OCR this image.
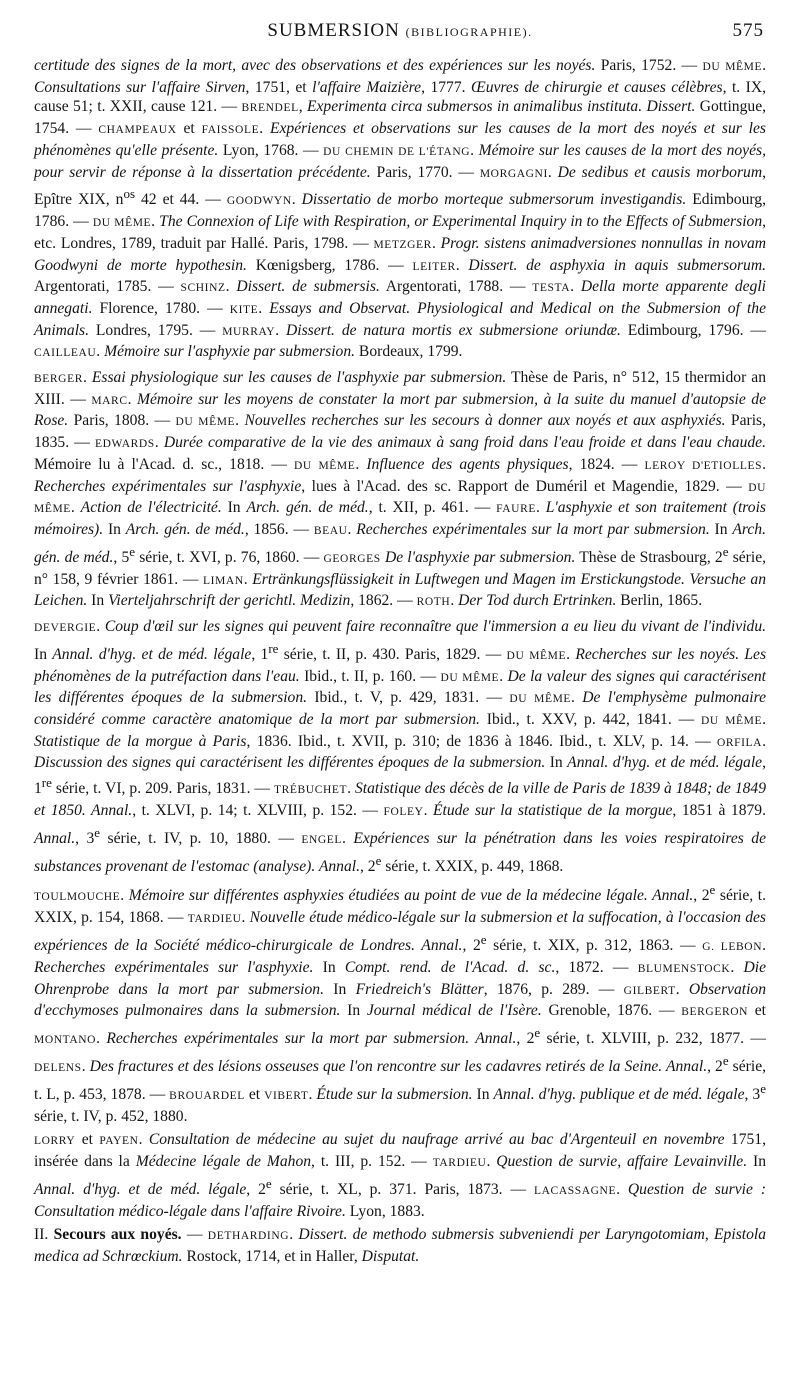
SUBMERSION (BIBLIOGRAPHIE).	575

certitude des signes de la mort, avec des observations et des expériences sur les noyés. Paris, 1752. — DU MÊME. Consultations sur l'affaire Sirven, 1751, et l'affaire Maizière, 1777. Œuvres de chirurgie et causes célèbres, t. IX, cause 51; t. XXII, cause 121. — BRENDEL, Experimenta circa submersos in animalibus instituta. Dissert. Gottingue, 1754. — CHAMPEAUX et FAISSOLE. Expériences et observations sur les causes de la mort des noyés et sur les phénomènes qu'elle présente. Lyon, 1768. — DU CHEMIN DE L'ÉTANG. Mémoire sur les causes de la mort des noyés, pour servir de réponse à la dissertation précédente. Paris, 1770. — MORGAGNI. De sedibus et causis morborum, Epître XIX, $n^{os}$ 42 et 44. — GOODWYN. Dissertatio de morbo morteque submersorum investigandis. Edimbourg, 1786. — DU MÊME. The Connexion of Life with Respiration, or Experimental Inquiry in to the Effects of Submersion, etc. Londres, 1789, traduit par Hallé. Paris, 1798. — METZGER. Progr. sistens animadversiones nonnullas in novam Goodwyni de morte hypothesin. Kœnigsberg, 1786. — LEITER. Dissert. de asphyxia in aquis submersorum. Argentorati, 1785. — SCHINZ. Dissert. de submersis. Argentorati, 1788. — TESTA. Della morte apparente degli annegati. Florence, 1780. — KITE. Essays and Observat. Physiological and Medical on the Submersion of the Animals. Londres, 1795. — MURRAY. Dissert. de natura mortis ex submersione oriundæ. Edimbourg, 1796. — CAILLEAU. Mémoire sur l'asphyxie par submersion. Bordeaux, 1799.

BERGER. Essai physiologique sur les causes de l'asphyxie par submersion. Thèse de Paris, n° 512, 15 thermidor an XIII. — MARC. Mémoire sur les moyens de constater la mort par submersion, à la suite du manuel d'autopsie de Rose. Paris, 1808. — DU MÊME. Nouvelles recherches sur les secours à donner aux noyés et aux asphyxiés. Paris, 1835. — EDWARDS. Durée comparative de la vie des animaux à sang froid dans l'eau froide et dans l'eau chaude. Mémoire lu à l'Acad. d. sc., 1818. — DU MÊME. Influence des agents physiques, 1824. — LEROY D'ETIOLLES. Recherches expérimentales sur l'asphyxie, lues à l'Acad. des sc. Rapport de Duméril et Magendie, 1829. — DU MÊME. Action de l'électricité. In Arch. gén. de méd., t. XII, p. 461. — FAURE. L'asphyxie et son traitement (trois mémoires). In Arch. gén. de méd., 1856. — BEAU. Recherches expérimentales sur la mort par submersion. In Arch. gén. de méd., 5e série, t. XVI, p. 76, 1860. — GEORGES De l'asphyxie par submersion. Thèse de Strasbourg, 2e série, n° 158, 9 février 1861. — LIMAN. Ertränkungsflüssigkeit in Luftwegen und Magen im Erstickungstode. Versuche an Leichen. In Vierteljahrschrift der gerichtl. Medizin, 1862. — ROTH. Der Tod durch Ertrinken. Berlin, 1865.

DEVERGIE. Coup d'œil sur les signes qui peuvent faire reconnaître que l'immersion a eu lieu du vivant de l'individu. In Annal. d'hyg. et de méd. légale, 1re série, t. II, p. 430. Paris, 1829. — DU MÊME. Recherches sur les noyés. Les phénomènes de la putréfaction dans l'eau. Ibid., t. II, p. 160. — DU MÊME. De la valeur des signes qui caractérisent les différentes époques de la submersion. Ibid., t. V, p. 429, 1831. — DU MÊME. De l'emphysème pulmonaire considéré comme caractère anatomique de la mort par submersion. Ibid., t. XXV, p. 442, 1841. — DU MÊME. Statistique de la morgue à Paris, 1836. Ibid., t. XVII, p. 310; de 1836 à 1846. Ibid., t. XLV, p. 14. — ORFILA. Discussion des signes qui caractérisent les différentes époques de la submersion. In Annal. d'hyg. et de méd. légale, 1re série, t. VI, p. 209. Paris, 1831. — TRÉBUCHET. Statistique des décès de la ville de Paris de 1839 à 1848; de 1849 et 1850. Annal., t. XLVI, p. 14; t. XLVIII, p. 152. — FOLEY. Étude sur la statistique de la morgue, 1851 à 1879. Annal., 3e série, t. IV, p. 10, 1880. — ENGEL. Expériences sur la pénétration dans les voies respiratoires de substances provenant de l'estomac (analyse). Annal., 2e série, t. XXIX, p. 449, 1868.

TOULMOUCHE. Mémoire sur différentes asphyxies étudiées au point de vue de la médecine légale. Annal., 2e série, t. XXIX, p. 154, 1868. — TARDIEU. Nouvelle étude médico-légale sur la submersion et la suffocation, à l'occasion des expériences de la Société médico-chirurgicale de Londres. Annal., 2e série, t. XIX, p. 312, 1863. — G. LEBON. Recherches expérimentales sur l'asphyxie. In Compt. rend. de l'Acad. d. sc., 1872. — BLUMENSTOCK. Die Ohrenprobe dans la mort par submersion. In Friedreich's Blätter, 1876, p. 289. — GILBERT. Observation d'ecchymoses pulmonaires dans la submersion. In Journal médical de l'Isère. Grenoble, 1876. — BERGERON et MONTANO. Recherches expérimentales sur la mort par submersion. Annal., 2e série, t. XLVIII, p. 232, 1877. — DELENS. Des fractures et des lésions osseuses que l'on rencontre sur les cadavres retirés de la Seine. Annal., 2e série, t. L, p. 453, 1878. — BROUARDEL et VIBERT. Étude sur la submersion. In Annal. d'hyg. publique et de méd. légale, 3e série, t. IV, p. 452, 1880.

LORRY et PAYEN. Consultation de médecine au sujet du naufrage arrivé au bac d'Argenteuil en novembre 1751, insérée dans la Médecine légale de Mahon, t. III, p. 152. — TARDIEU. Question de survie, affaire Levainville. In Annal. d'hyg. et de méd. légale, 2e série, t. XL, p. 371. Paris, 1873. — LACASSAGNE. Question de survie : Consultation médico-légale dans l'affaire Rivoire. Lyon, 1883.

II. Secours aux noyés. — DETHARDING. Dissert. de methodo submersis subveniendi per Laryngotomiam, Epistola medica ad Schrœckium. Rostock, 1714, et in Haller, Disputat.
